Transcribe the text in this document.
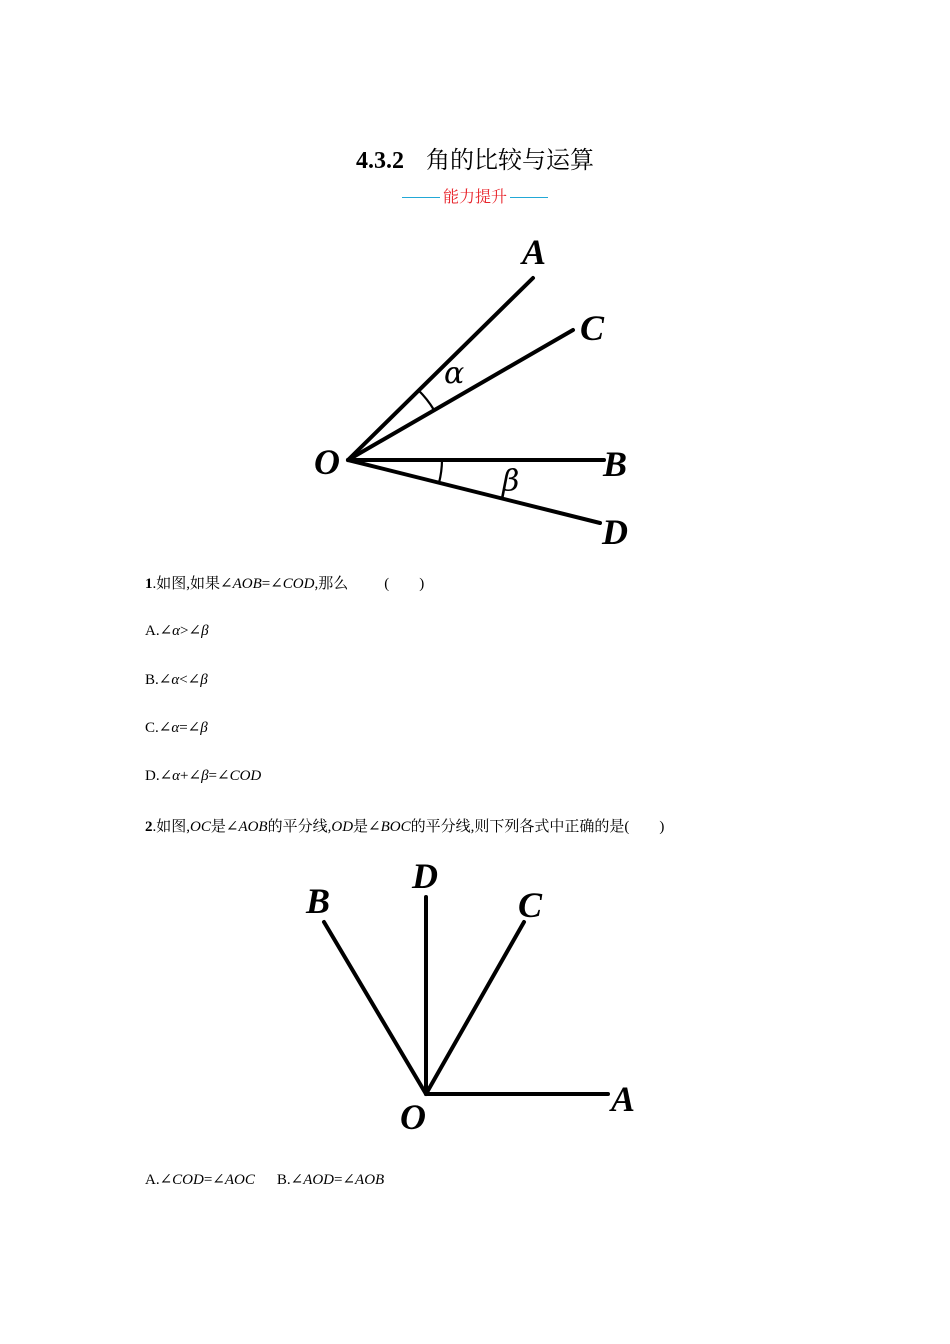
4.3.2 角的比较与运算
能力提升
A
C
O	B
D
α
β
1.如图,如果∠AOB=∠COD,那么 (　　)
A.∠α>∠β
B.∠α<∠β
C.∠α=∠β
D.∠α+∠β=∠COD
2.如图,OC是∠AOB的平分线,OD是∠BOC的平分线,则下列各式中正确的是(　　)
B
D
C
O	A
A.∠COD=∠AOC B.∠AOD=∠AOB
